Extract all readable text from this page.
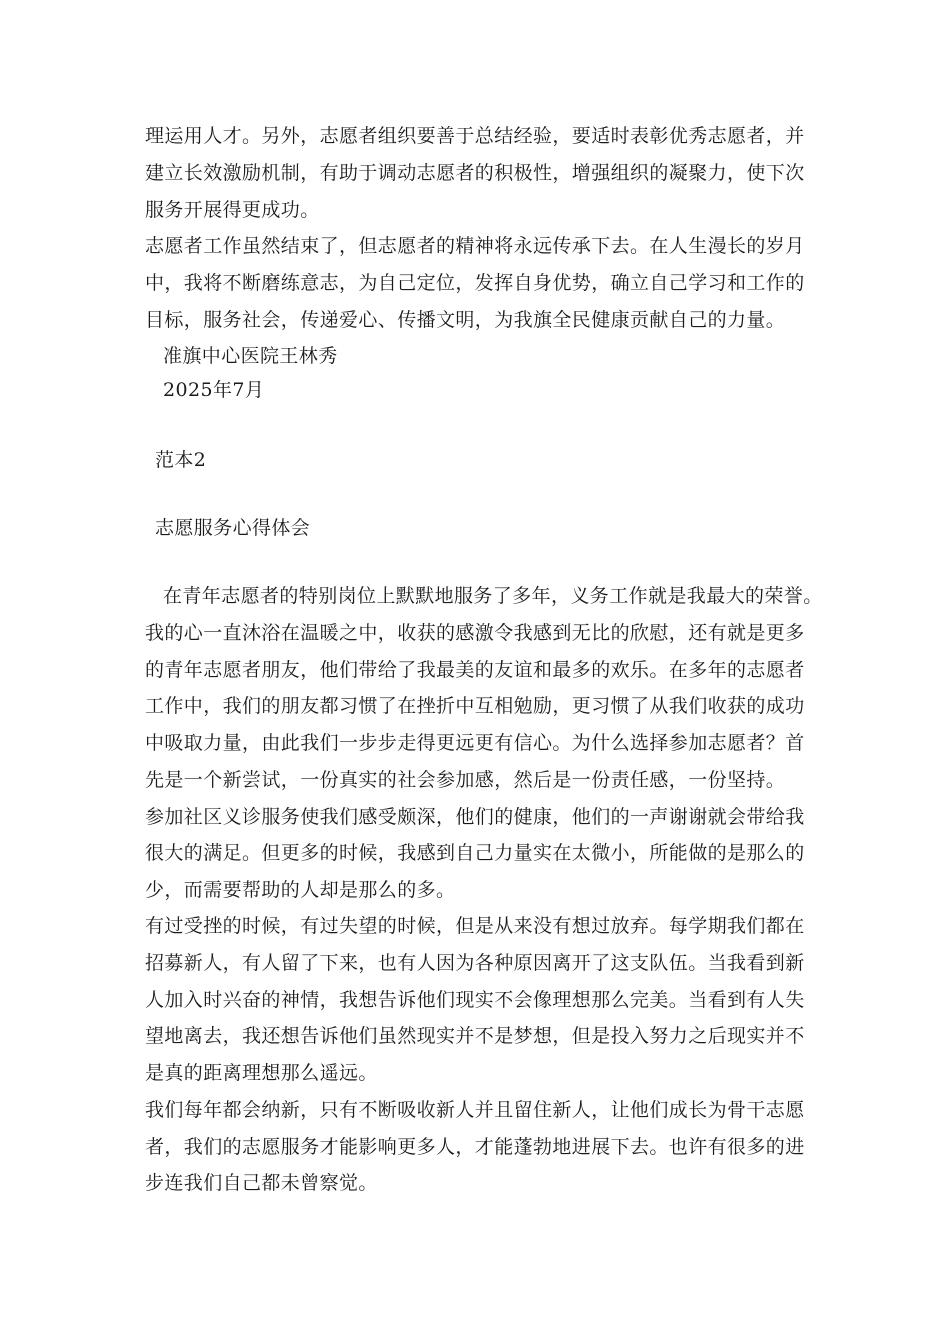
理运用人才。另外，志愿者组织要善于总结经验，要适时表彰优秀志愿者，并
建立长效激励机制，有助于调动志愿者的积极性，增强组织的凝聚力，使下次
服务开展得更成功。
志愿者工作虽然结束了，但志愿者的精神将永远传承下去。在人生漫长的岁月
中，我将不断磨练意志，为自己定位，发挥自身优势，确立自己学习和工作的
目标，服务社会，传递爱心、传播文明，为我旗全民健康贡献自己的力量。
准旗中心医院王林秀
2025年7月
范本2
志愿服务心得体会
在青年志愿者的特别岗位上默默地服务了多年，义务工作就是我最大的荣誉。
我的心一直沐浴在温暖之中，收获的感激令我感到无比的欣慰，还有就是更多
的青年志愿者朋友，他们带给了我最美的友谊和最多的欢乐。在多年的志愿者
工作中，我们的朋友都习惯了在挫折中互相勉励，更习惯了从我们收获的成功
中吸取力量，由此我们一步步走得更远更有信心。为什么选择参加志愿者？首
先是一个新尝试，一份真实的社会参加感，然后是一份责任感，一份坚持。
参加社区义诊服务使我们感受颇深，他们的健康，他们的一声谢谢就会带给我
很大的满足。但更多的时候，我感到自己力量实在太微小，所能做的是那么的
少，而需要帮助的人却是那么的多。
有过受挫的时候，有过失望的时候，但是从来没有想过放弃。每学期我们都在
招募新人，有人留了下来，也有人因为各种原因离开了这支队伍。当我看到新
人加入时兴奋的神情，我想告诉他们现实不会像理想那么完美。当看到有人失
望地离去，我还想告诉他们虽然现实并不是梦想，但是投入努力之后现实并不
是真的距离理想那么遥远。
我们每年都会纳新，只有不断吸收新人并且留住新人，让他们成长为骨干志愿
者，我们的志愿服务才能影响更多人，才能蓬勃地进展下去。也许有很多的进
步连我们自己都未曾察觉。
